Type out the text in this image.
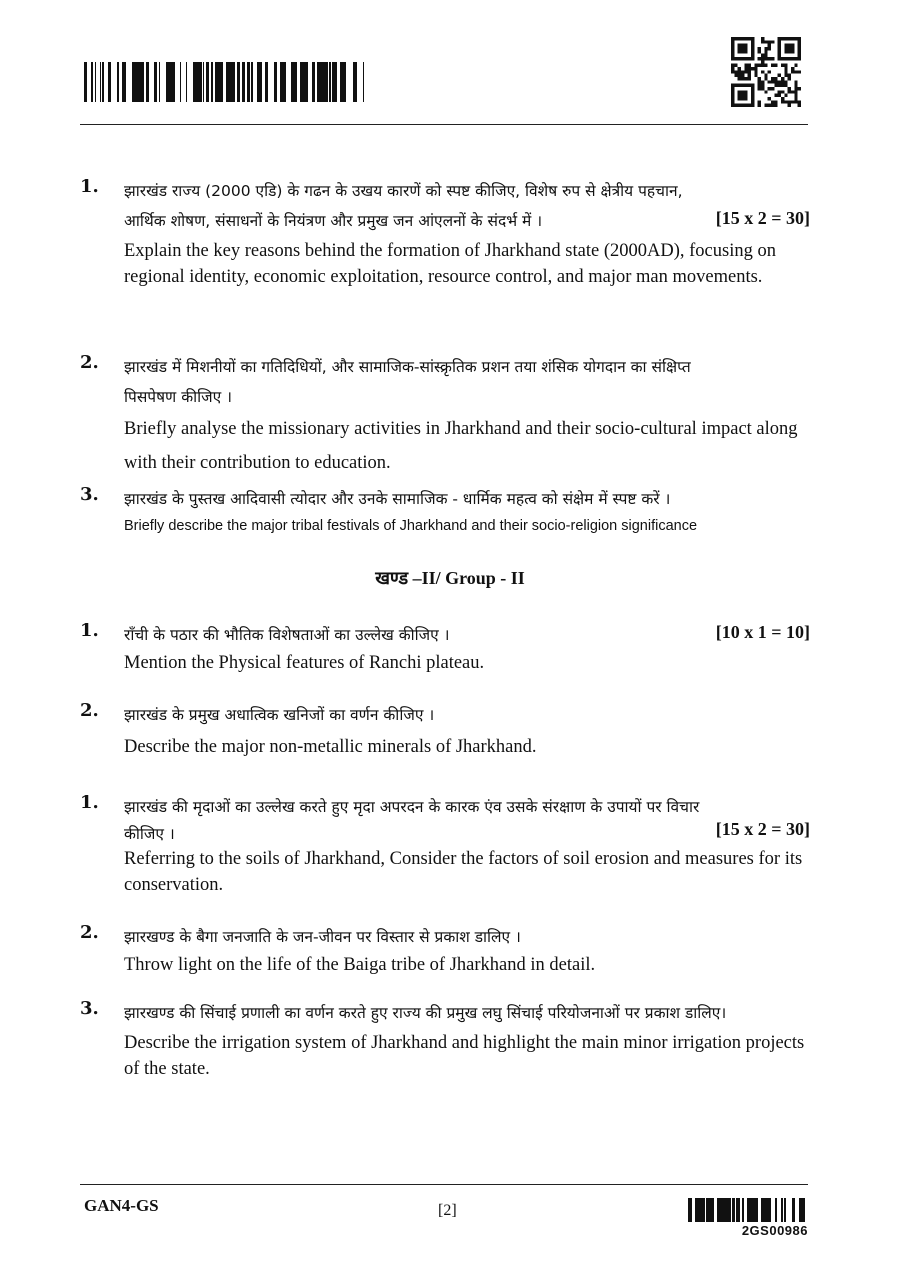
1.	झारखंड राज्य (2000 एडि) के गढन के उखय कारणें को स्पष्ट कीजिए, विशेष रुप से क्षेत्रीय पहचान,

आर्थिक शोषण, संसाधनों के नियंत्रण और प्रमुख जन आंएलनों के संदर्भ में ।

Explain the key reasons behind the formation of Jharkhand state (2000AD), focusing on regional identity, economic exploitation, resource control, and major man movements.

[15 x 2 = 30]
2.	झारखंड में मिशनीयों का गतिदिधियों, और सामाजिक-सांस्क्रृतिक प्रशन तया शंसिक योगदान का संक्षिप्त

पिसपेषण कीजिए ।

Briefly analyse the missionary activities in Jharkhand and their socio-cultural impact along with their contribution to education.

3.	झारखंड के पुस्तख आदिवासी त्योदार और उनके सामाजिक - धार्मिक महत्व को संक्षेम में स्पष्ट करें ।

Briefly describe the major tribal festivals of Jharkhand and their socio-religion significance

खण्ड –II/ Group - II
1.	राँची के पठार की भौतिक विशेषताओं का उल्लेख कीजिए ।

Mention the Physical features of Ranchi plateau.

[10 x 1 = 10]
2.	झारखंड के प्रमुख अधात्विक खनिजों का वर्णन कीजिए ।

Describe the major non-metallic minerals of Jharkhand.

1.	झारखंड की मृदाओं का उल्लेख करते हुए मृदा अपरदन के कारक एंव उसके संरक्षाण के उपायों पर विचार

कीजिए ।

Referring to the soils of Jharkhand, Consider the factors of soil erosion and measures for its conservation.

[15 x 2 = 30]
2.	झारखण्ड के बैगा जनजाति के जन-जीवन पर विस्तार से प्रकाश डालिए ।

Throw light on the life of the Baiga tribe of Jharkhand in detail.

3.	झारखण्ड की सिंचाई प्रणाली का वर्णन करते हुए राज्य की प्रमुख लघु सिंचाई परियोजनाओं पर प्रकाश डालिए।

Describe the irrigation system of Jharkhand and highlight the main minor irrigation projects of the state.

GAN4-GS	[2]
2GS00986
